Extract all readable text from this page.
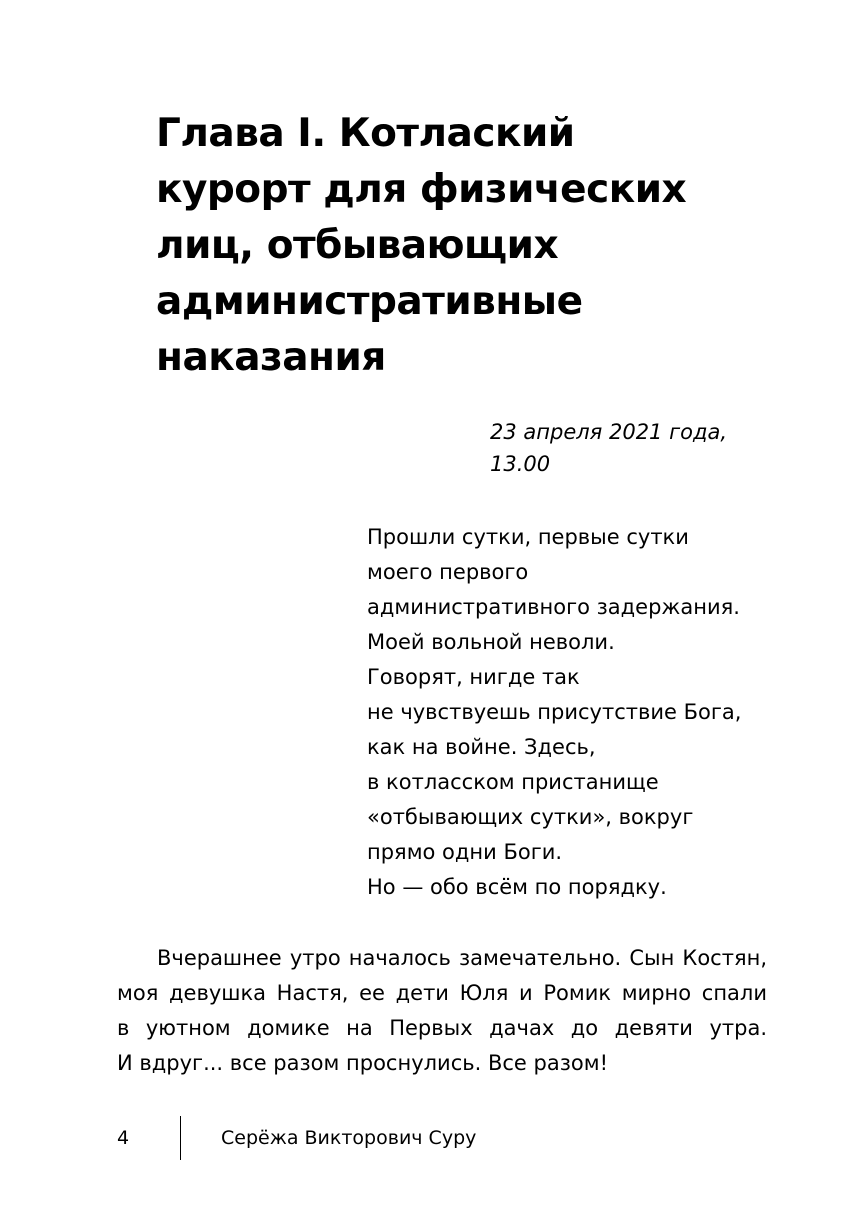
Глава I. Котлаский
курорт для физических
лиц, отбывающих
административные
наказания
23 апреля 2021 года,
13.00
Прошли сутки, первые сутки
моего первого
административного задержания.
Моей вольной неволи.
Говорят, нигде так
не чувствуешь присутствие Бога,
как на войне. Здесь,
в котласском пристанище
«отбывающих сутки», вокруг
прямо одни Боги.
Но — обо всём по порядку.
Вчерашнее утро началось замечательно. Сын Костян,
моя девушка Настя, ее дети Юля и Ромик мирно спали
в уютном домике на Первых дачах до девяти утра.
И вдруг... все разом проснулись. Все разом!
4	Серёжа Викторович Суру
